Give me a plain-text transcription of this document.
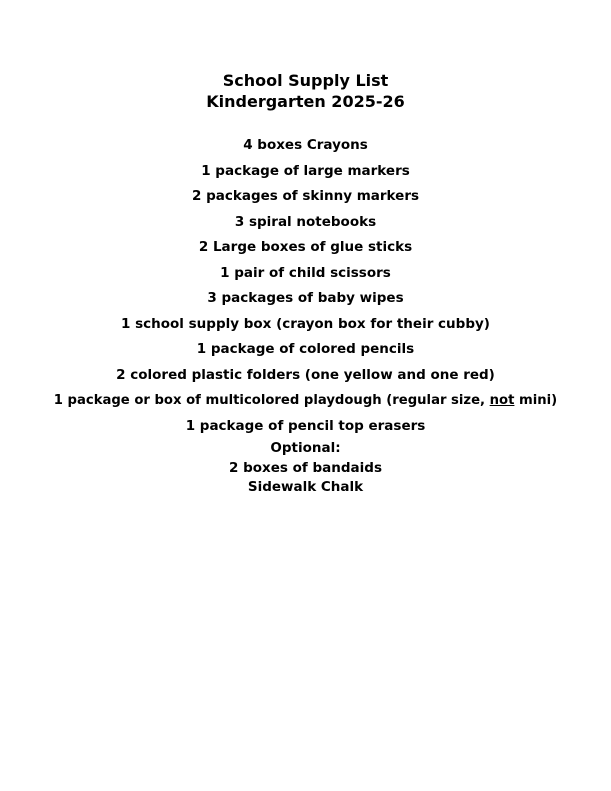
School Supply List
Kindergarten 2025-26
4 boxes Crayons
1 package of large markers
2 packages of skinny markers
3 spiral notebooks
2 Large boxes of glue sticks
1 pair of child scissors
3 packages of baby wipes
1 school supply box (crayon box for their cubby)
1 package of colored pencils
2 colored plastic folders (one yellow and one red)
1 package or box of multicolored playdough (regular size, not mini)
1 package of pencil top erasers
Optional:
2 boxes of bandaids
Sidewalk Chalk
